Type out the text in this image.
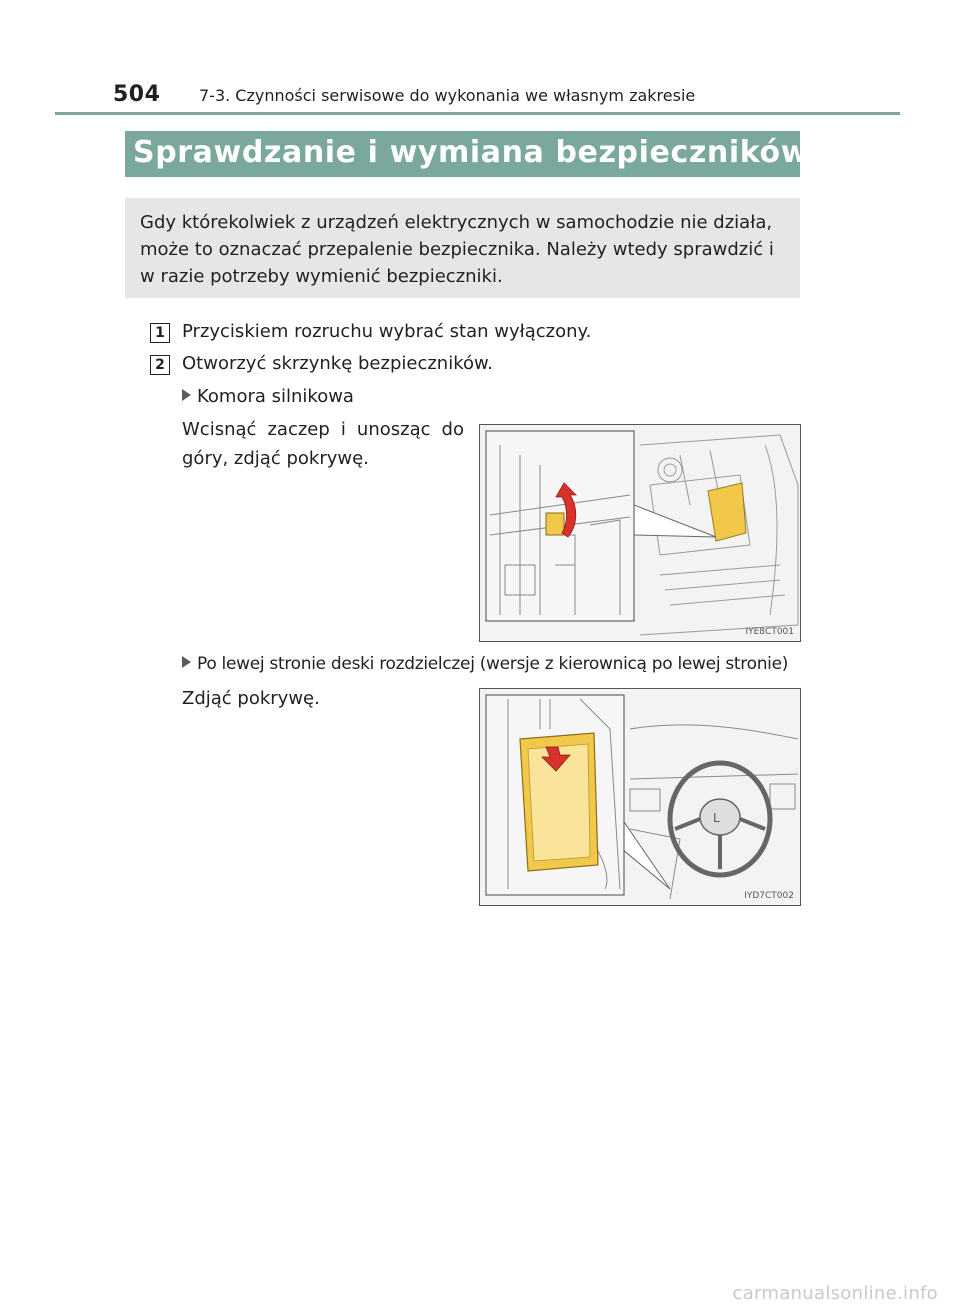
504 7-3. Czynności serwisowe do wykonania we własnym zakresie
Sprawdzanie i wymiana bezpieczników
Gdy którekolwiek z urządzeń elektrycznych w samochodzie nie działa, może to oznaczać przepalenie bezpiecznika. Należy wtedy sprawdzić i w razie potrzeby wymienić bezpieczniki.
1 Przyciskiem rozruchu wybrać stan wyłączony.
2 Otworzyć skrzynkę bezpieczników.
Komora silnikowa
Wcisnąć zaczep i unosząc do góry, zdjąć pokrywę.
IYE8CT001
Po lewej stronie deski rozdzielczej (wersje z kierownicą po lewej stronie)
Zdjąć pokrywę.
L
IYD7CT002
carmanualsonline.info
